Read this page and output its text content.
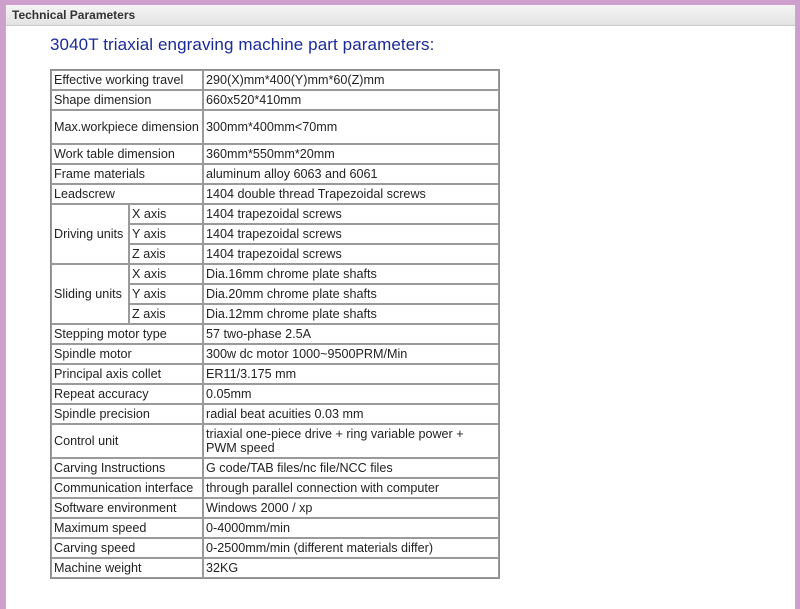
Technical Parameters
3040T triaxial engraving machine part parameters:
Effective working travel		290(X)mm*400(Y)mm*60(Z)mm
Shape dimension		660x520*410mm
Max.workpiece dimension		300mm*400mm<70mm
Work table dimension		360mm*550mm*20mm
Frame materials		aluminum alloy 6063 and 6061
Leadscrew		1404 double thread Trapezoidal screws
Driving units	X axis	1404 trapezoidal screws
	Y axis	1404 trapezoidal screws
	Z axis	1404 trapezoidal screws
Sliding units	X axis	Dia.16mm chrome plate shafts
	Y axis	Dia.20mm chrome plate shafts
	Z axis	Dia.12mm chrome plate shafts
Stepping motor type		57 two-phase 2.5A
Spindle motor		300w dc motor 1000~9500PRM/Min
Principal axis collet		ER11/3.175 mm
Repeat accuracy		0.05mm
Spindle precision		radial beat acuities 0.03 mm
Control unit		triaxial one-piece drive + ring variable power + PWM speed
Carving Instructions		G code/TAB files/nc file/NCC files
Communication interface		through parallel connection with computer
Software environment		Windows 2000 / xp
Maximum speed		0-4000mm/min
Carving speed		0-2500mm/min (different materials differ)
Machine weight		32KG
